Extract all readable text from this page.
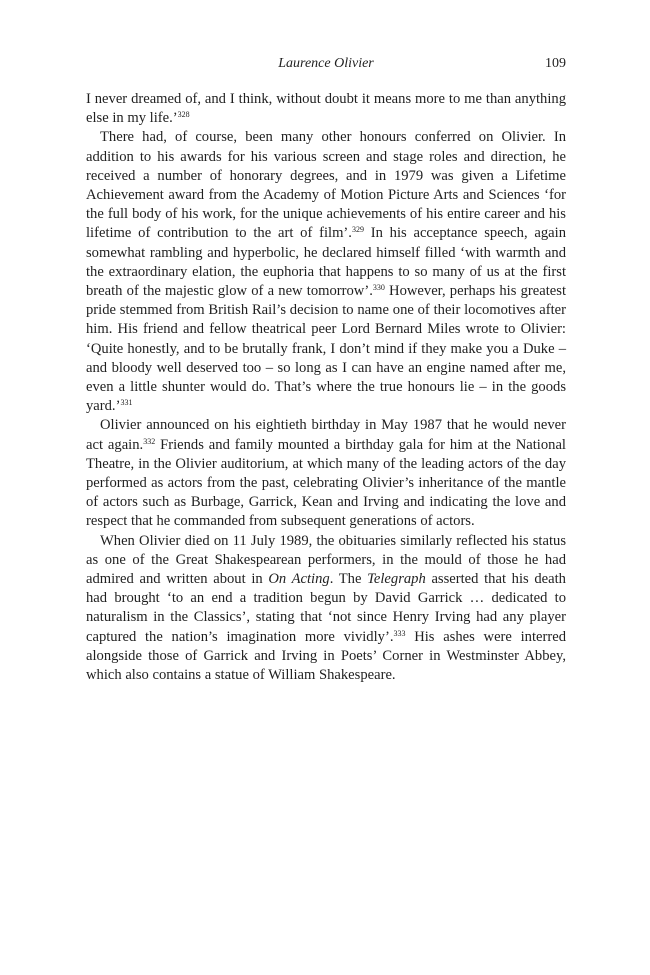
Laurence Olivier	109

I never dreamed of, and I think, without doubt it means more to me than anything else in my life.’$^{328}$

There had, of course, been many other honours conferred on Olivier. In addition to his awards for his various screen and stage roles and direction, he received a number of honorary degrees, and in 1979 was given a Lifetime Achievement award from the Academy of Motion Picture Arts and Sciences ‘for the full body of his work, for the unique achievements of his entire career and his lifetime of contribution to the art of film’.$^{329}$ In his acceptance speech, again somewhat rambling and hyperbolic, he declared himself filled ‘with warmth and the extraordinary elation, the euphoria that happens to so many of us at the first breath of the majestic glow of a new tomorrow’.$^{330}$ However, perhaps his greatest pride stemmed from British Rail’s decision to name one of their locomotives after him. His friend and fellow theatrical peer Lord Bernard Miles wrote to Olivier: ‘Quite honestly, and to be brutally frank, I don’t mind if they make you a Duke – and bloody well deserved too – so long as I can have an engine named after me, even a little shunter would do. That’s where the true honours lie – in the goods yard.’$^{331}$

Olivier announced on his eightieth birthday in May 1987 that he would never act again.$^{332}$ Friends and family mounted a birthday gala for him at the National Theatre, in the Olivier auditorium, at which many of the leading actors of the day performed as actors from the past, celebrating Olivier’s inheritance of the mantle of actors such as Burbage, Garrick, Kean and Irving and indicating the love and respect that he commanded from subsequent generations of actors.

When Olivier died on 11 July 1989, the obituaries similarly reflected his status as one of the Great Shakespearean performers, in the mould of those he had admired and written about in On Acting. The Telegraph asserted that his death had brought ‘to an end a tradition begun by David Garrick … dedicated to naturalism in the Classics’, stating that ‘not since Henry Irving had any player captured the nation’s imagination more vividly’.$^{333}$ His ashes were interred alongside those of Garrick and Irving in Poets’ Corner in Westminster Abbey, which also contains a statue of William Shakespeare.
